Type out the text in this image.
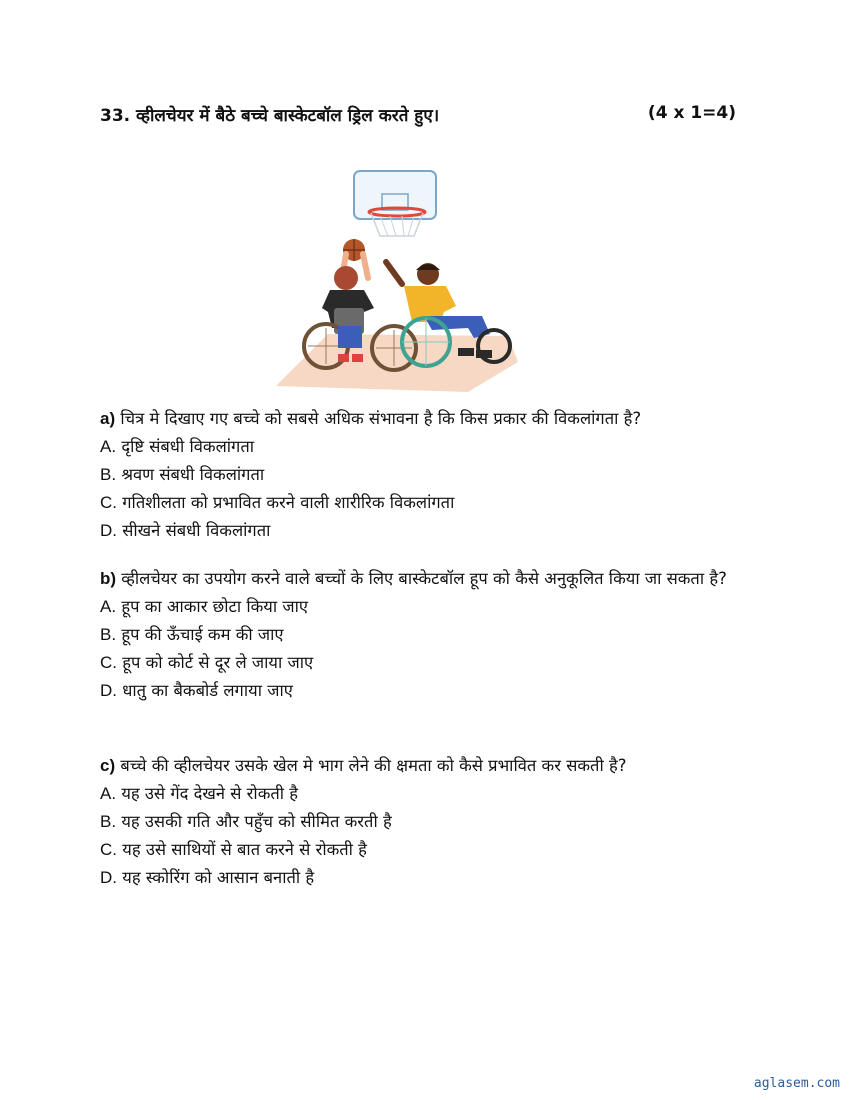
33. व्हीलचेयर में बैठे बच्चे बास्केटबॉल ड्रिल करते हुए।	(4 x 1=4)

a) चित्र मे दिखाए गए बच्चे को सबसे अधिक संभावना है कि किस प्रकार की विकलांगता है?

A. दृष्टि संबधी विकलांगता
B. श्रवण संबधी विकलांगता
C. गतिशीलता को प्रभावित करने वाली शारीरिक विकलांगता
D. सीखने संबधी विकलांगता

b) व्हीलचेयर का उपयोग करने वाले बच्चों के लिए बास्केटबॉल हूप को कैसे अनुकूलित किया जा सकता है?

A. हूप का आकार छोटा किया जाए
B. हूप की ऊँचाई कम की जाए
C. हूप को कोर्ट से दूर ले जाया जाए
D. धातु का बैकबोर्ड लगाया जाए

c) बच्चे की व्हीलचेयर उसके खेल मे भाग लेने की क्षमता को कैसे प्रभावित कर सकती है?

A. यह उसे गेंद देखने से रोकती है
B. यह उसकी गति और पहुँच को सीमित करती है
C. यह उसे साथियों से बात करने से रोकती है
D. यह स्कोरिंग को आसान बनाती है
aglasem.com
